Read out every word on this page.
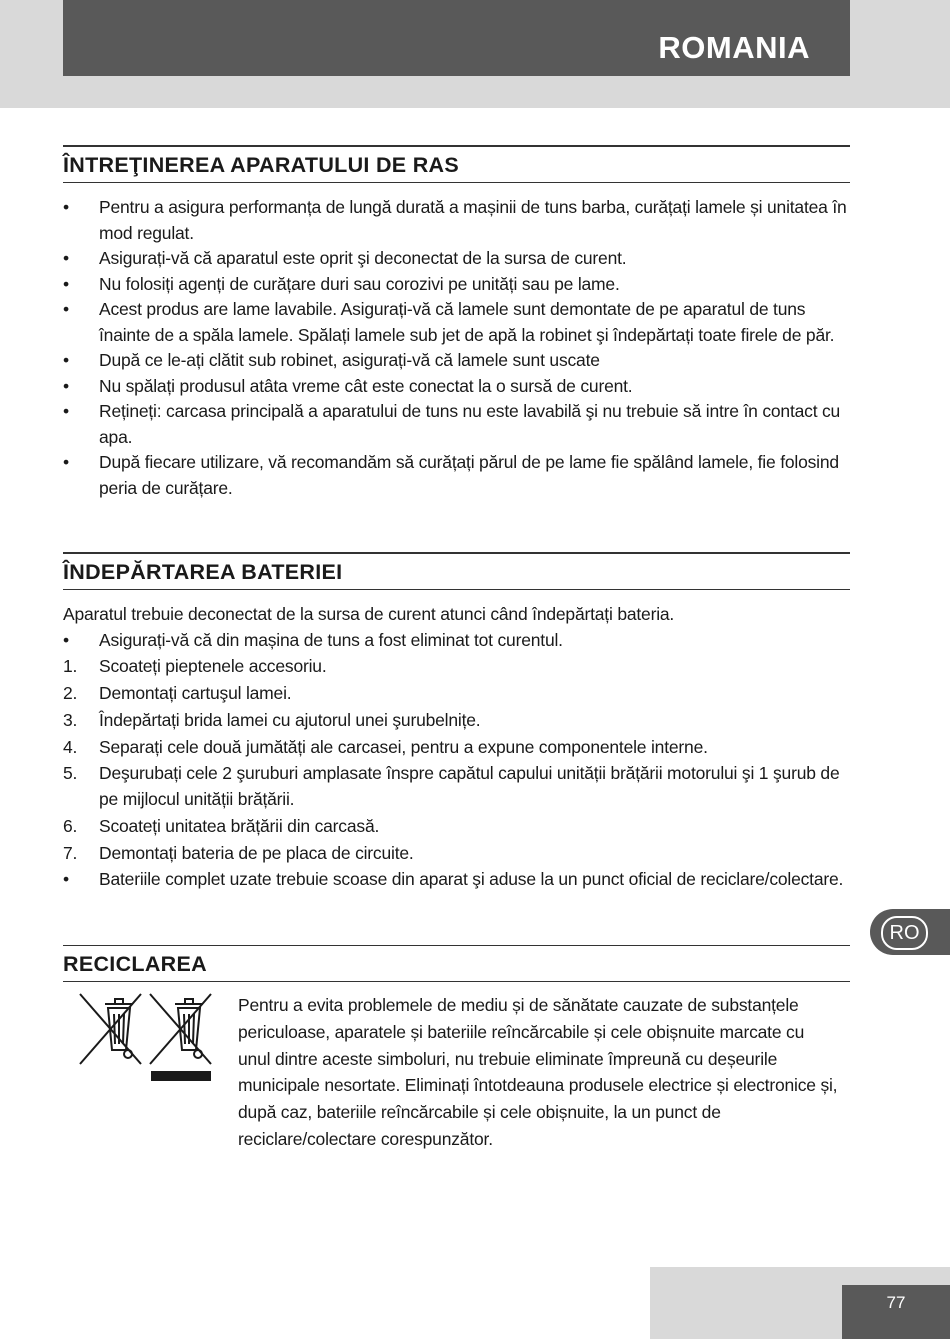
ROMANIA
ÎNTREŢINEREA APARATULUI DE RAS
•	Pentru a asigura performanța de lungă durată a mașinii de tuns barba, curățați lamele și unitatea în mod regulat.
•	Asigurați-vă că aparatul este oprit şi deconectat de la sursa de curent.
•	Nu folosiți agenți de curățare duri sau corozivi pe unități sau pe lame.
•	Acest produs are lame lavabile. Asigurați-vă că lamele sunt demontate de pe aparatul de tuns înainte de a spăla lamele. Spălați lamele sub jet de apă la robinet şi îndepărtați toate firele de păr.
•	După ce le-ați clătit sub robinet, asigurați-vă că lamele sunt uscate
•	Nu spălați produsul atâta vreme cât este conectat la o sursă de curent.
•	Rețineți: carcasa principală a aparatului de tuns nu este lavabilă şi nu trebuie să intre în contact cu apa.
•	După fiecare utilizare, vă recomandăm să curățați părul de pe lame fie spălând lamele, fie folosind peria de curățare.
ÎNDEPĂRTAREA BATERIEI
Aparatul trebuie deconectat de la sursa de curent atunci când îndepărtați bateria.
•	Asigurați-vă că din mașina de tuns a fost eliminat tot curentul.
1.	Scoateți pieptenele accesoriu.
2.	Demontați cartuşul lamei.
3.	Îndepărtați brida lamei cu ajutorul unei şurubelnițe.
4.	Separați cele două jumătăți ale carcasei, pentru a expune componentele interne.
5.	Deşurubați cele 2 şuruburi amplasate înspre capătul capului unității brățării motorului şi 1 şurub de pe mijlocul unității brățării.
6.	Scoateți unitatea brățării din carcasă.
7.	Demontați bateria de pe placa de circuite.
•	Bateriile complet uzate trebuie scoase din aparat şi aduse la un punct oficial de reciclare/colectare.
RECICLAREA
Pentru a evita problemele de mediu și de sănătate cauzate de substanțele periculoase, aparatele și bateriile reîncărcabile și cele obișnuite marcate cu unul dintre aceste simboluri, nu trebuie eliminate împreună cu deșeurile municipale nesortate. Eliminați întotdeauna produsele electrice și electronice și, după caz, bateriile reîncărcabile și cele obișnuite, la un punct de reciclare/colectare corespunzător.
RO
77
